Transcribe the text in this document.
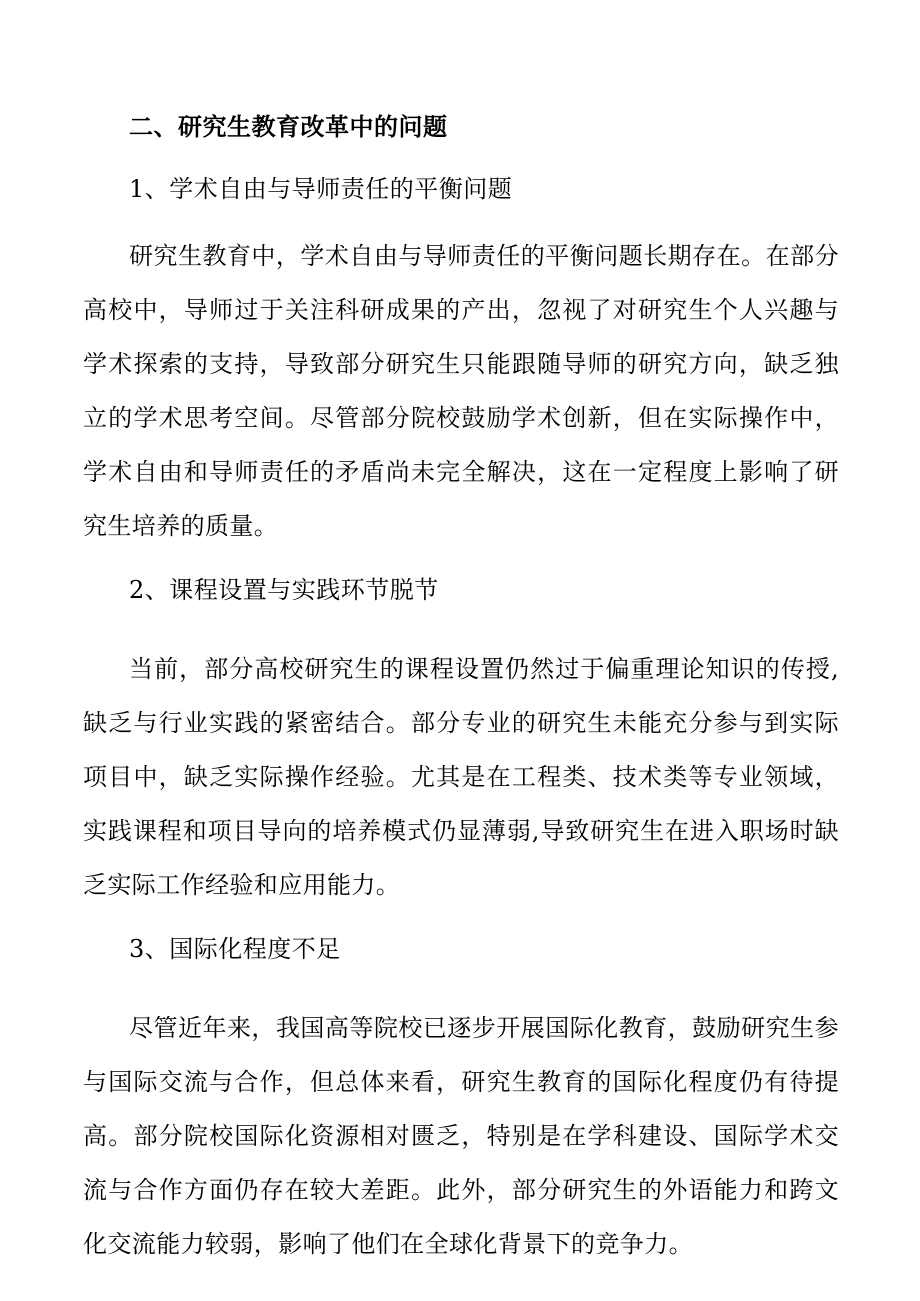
二、研究生教育改革中的问题
1、学术自由与导师责任的平衡问题

研究生教育中，学术自由与导师责任的平衡问题长期存在。在部分高校中，导师过于关注科研成果的产出，忽视了对研究生个人兴趣与学术探索的支持，导致部分研究生只能跟随导师的研究方向，缺乏独立的学术思考空间。尽管部分院校鼓励学术创新，但在实际操作中，学术自由和导师责任的矛盾尚未完全解决，这在一定程度上影响了研究生培养的质量。

2、课程设置与实践环节脱节

当前，部分高校研究生的课程设置仍然过于偏重理论知识的传授,缺乏与行业实践的紧密结合。部分专业的研究生未能充分参与到实际项目中，缺乏实际操作经验。尤其是在工程类、技术类等专业领域，实践课程和项目导向的培养模式仍显薄弱,导致研究生在进入职场时缺乏实际工作经验和应用能力。

3、国际化程度不足

尽管近年来，我国高等院校已逐步开展国际化教育，鼓励研究生参与国际交流与合作，但总体来看，研究生教育的国际化程度仍有待提高。部分院校国际化资源相对匮乏，特别是在学科建设、国际学术交流与合作方面仍存在较大差距。此外，部分研究生的外语能力和跨文化交流能力较弱，影响了他们在全球化背景下的竞争力。
